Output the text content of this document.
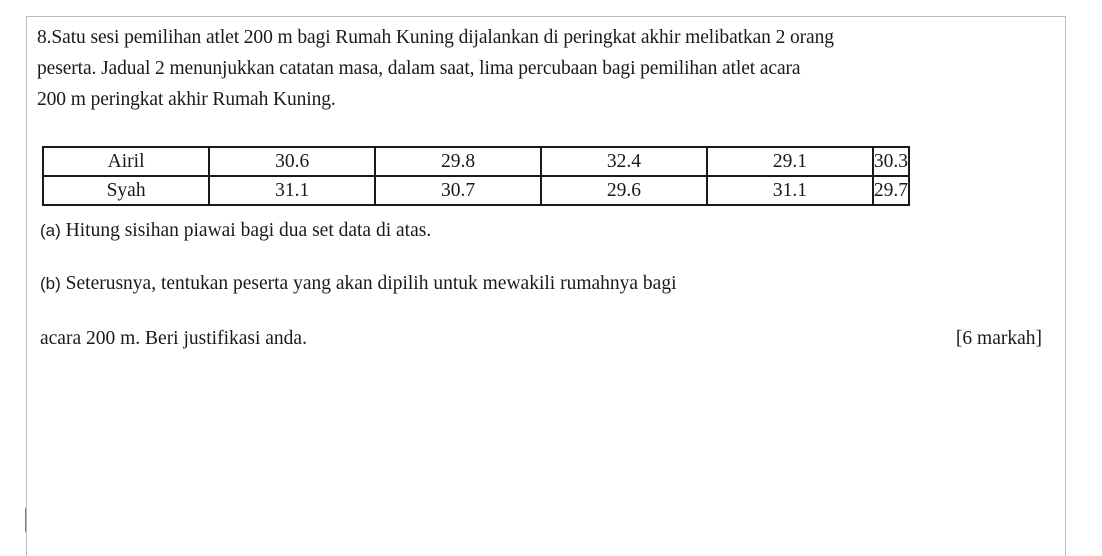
8.Satu sesi pemilihan atlet 200 m bagi Rumah Kuning dijalankan di peringkat akhir melibatkan 2 orang
peserta. Jadual 2 menunjukkan catatan masa, dalam saat, lima percubaan bagi pemilihan atlet acara
200 m peringkat akhir Rumah Kuning.
Airil	30.6	29.8	32.4	29.1	30.3
Syah	31.1	30.7	29.6	31.1	29.7
(a) Hitung sisihan piawai bagi dua set data di atas.
(b) Seterusnya, tentukan peserta yang akan dipilih untuk mewakili rumahnya bagi
acara 200 m. Beri justifikasi anda.	[6 markah]
